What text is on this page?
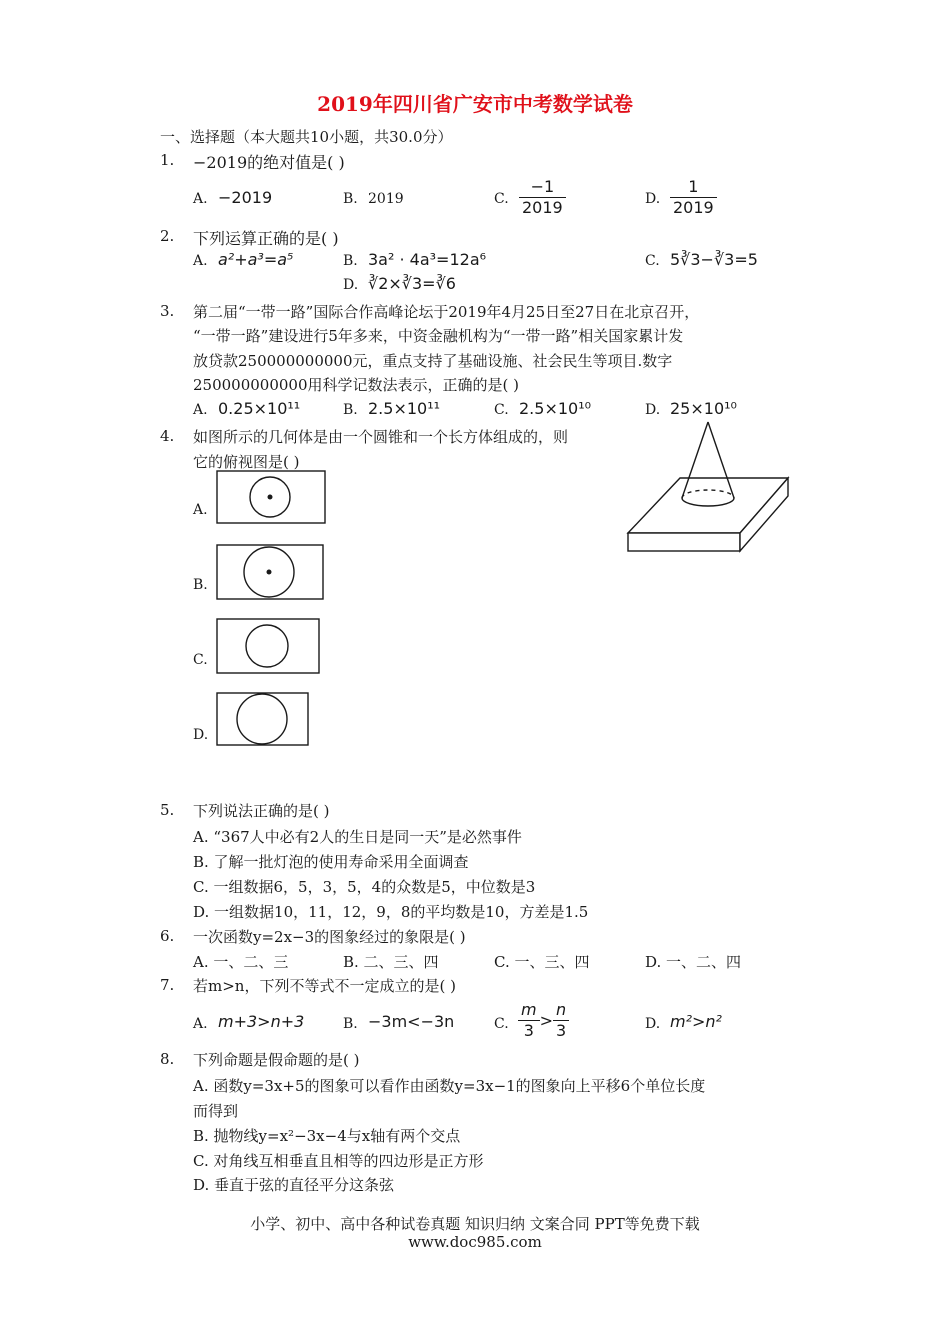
2019年四川省广安市中考数学试卷
一、选择题（本大题共10小题，共30.0分）
1.	−2019的绝对值是( )
A. −2019	B. 2019	C. $\frac{-1}{2019}$	D. $\frac{1}{2019}$
2.	下列运算正确的是( )
A. a²+a³=a⁵	B. 3a² · 4a³=12a⁶	C. 5∛3−∛3=5
D. ∛2×∛3=∛6
3.	第二届“一带一路”国际合作高峰论坛于2019年4月25日至27日在北京召开，
“一带一路”建设进行5年多来，中资金融机构为“一带一路”相关国家累计发
放贷款250000000000元，重点支持了基础设施、社会民生等项目.数字
250000000000用科学记数法表示，正确的是( )
A. 0.25×10¹¹	B. 2.5×10¹¹	C. 2.5×10¹⁰	D. 25×10¹⁰
4.	如图所示的几何体是由一个圆锥和一个长方体组成的，则
它的俯视图是( )
A.
B.
C.
D.
5.	下列说法正确的是( )
A. “367人中必有2人的生日是同一天”是必然事件
B. 了解一批灯泡的使用寿命采用全面调查
C. 一组数据6，5，3，5，4的众数是5，中位数是3
D. 一组数据10，11，12，9，8的平均数是10，方差是1.5
6.	一次函数y=2x−3的图象经过的象限是( )
A. 一、二、三	B. 二、三、四	C. 一、三、四	D. 一、二、四
7.	若m>n，下列不等式不一定成立的是( )
A. m+3>n+3	B. −3m<−3n	C. $\frac{m}{3} > \frac{n}{3}$	D. m²>n²
8.	下列命题是假命题的是( )
A. 函数y=3x+5的图象可以看作由函数y=3x−1的图象向上平移6个单位长度
而得到
B. 抛物线y=x²−3x−4与x轴有两个交点
C. 对角线互相垂直且相等的四边形是正方形
D. 垂直于弦的直径平分这条弦
小学、初中、高中各种试卷真题 知识归纳 文案合同 PPT等免费下载
www.doc985.com
